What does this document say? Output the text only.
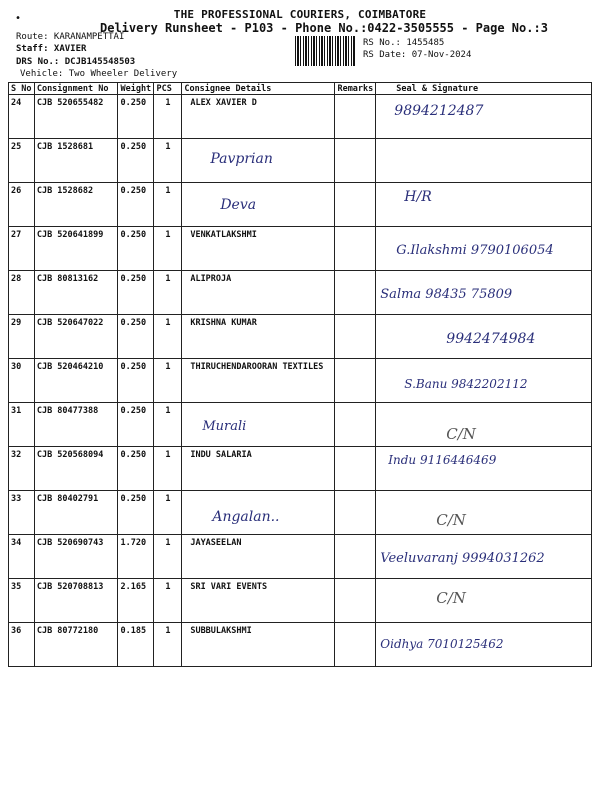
•	THE PROFESSIONAL COURIERS, COIMBATORE
Delivery Runsheet - P103 - Phone No.:0422-3505555 - Page No.:3
Route: KARANAMPETTAI
Staff: XAVIER
DRS No.: DCJB145548503
Vehicle: Two Wheeler Delivery
RS No.: 1455485
RS Date: 07-Nov-2024
S No	Consignment No	Weight	PCS	Consignee Details	Remarks	Seal & Signature
24	CJB 520655482	0.250	1	ALEX XAVIER D		9894212487

25	CJB 1528681	0.250	1	Pavprian		

26	CJB 1528682	0.250	1	Deva		H/R

27	CJB 520641899	0.250	1	VENKATLAKSHMI		G.Ilakshmi 9790106054

28	CJB 80813162	0.250	1	ALIPROJA		Salma 98435 75809

29	CJB 520647022	0.250	1	KRISHNA KUMAR		9942474984

30	CJB 520464210	0.250	1	THIRUCHENDAROORAN TEXTILES		S.Banu 9842202112

31	CJB 80477388	0.250	1	Murali		C/N

32	CJB 520568094	0.250	1	INDU SALARIA		Indu 9116446469

33	CJB 80402791	0.250	1	Angalan..		C/N

34	CJB 520690743	1.720	1	JAYASEELAN		Veeluvaranj 9994031262

35	CJB 520708813	2.165	1	SRI VARI EVENTS		C/N

36	CJB 80772180	0.185	1	SUBBULAKSHMI		Oidhya 7010125462
